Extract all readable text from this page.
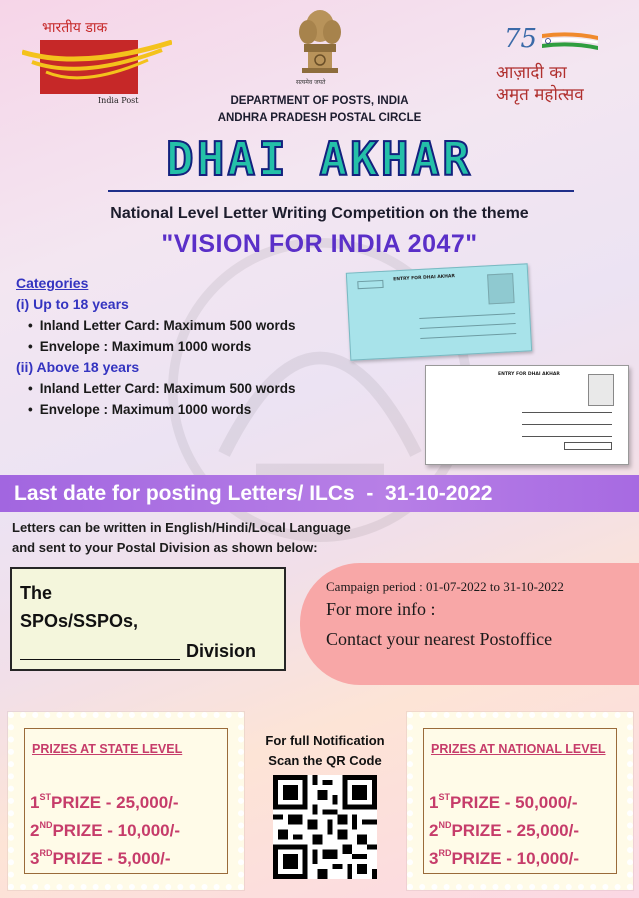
भारतीय डाक
India Post
सत्यमेव जयते
75
आज़ादी का
अमृत महोत्सव
DEPARTMENT OF POSTS, INDIA
ANDHRA PRADESH POSTAL CIRCLE
DHAI AKHAR
National Level Letter Writing Competition on the theme
"VISION FOR INDIA 2047"
Categories
(i) Up to 18 years
• Inland Letter Card: Maximum 500 words
• Envelope : Maximum 1000 words
(ii) Above 18 years
• Inland Letter Card: Maximum 500 words
• Envelope : Maximum 1000 words
ENTRY FOR DHAI AKHAR
ENTRY FOR DHAI AKHAR
Last date for posting Letters/ ILCs  -  31-10-2022
Letters can be written in English/Hindi/Local Language
and sent to your Postal Division as shown below:
The
SPOs/SSPOs,
Division
Campaign period : 01-07-2022 to 31-10-2022
For more info :
Contact your nearest Postoffice
PRIZES AT STATE LEVEL
1STPRIZE - 25,000/-
2NDPRIZE - 10,000/-
3RDPRIZE - 5,000/-
For full Notification
Scan the QR Code
PRIZES AT NATIONAL LEVEL
1STPRIZE - 50,000/-
2NDPRIZE - 25,000/-
3RDPRIZE - 10,000/-
